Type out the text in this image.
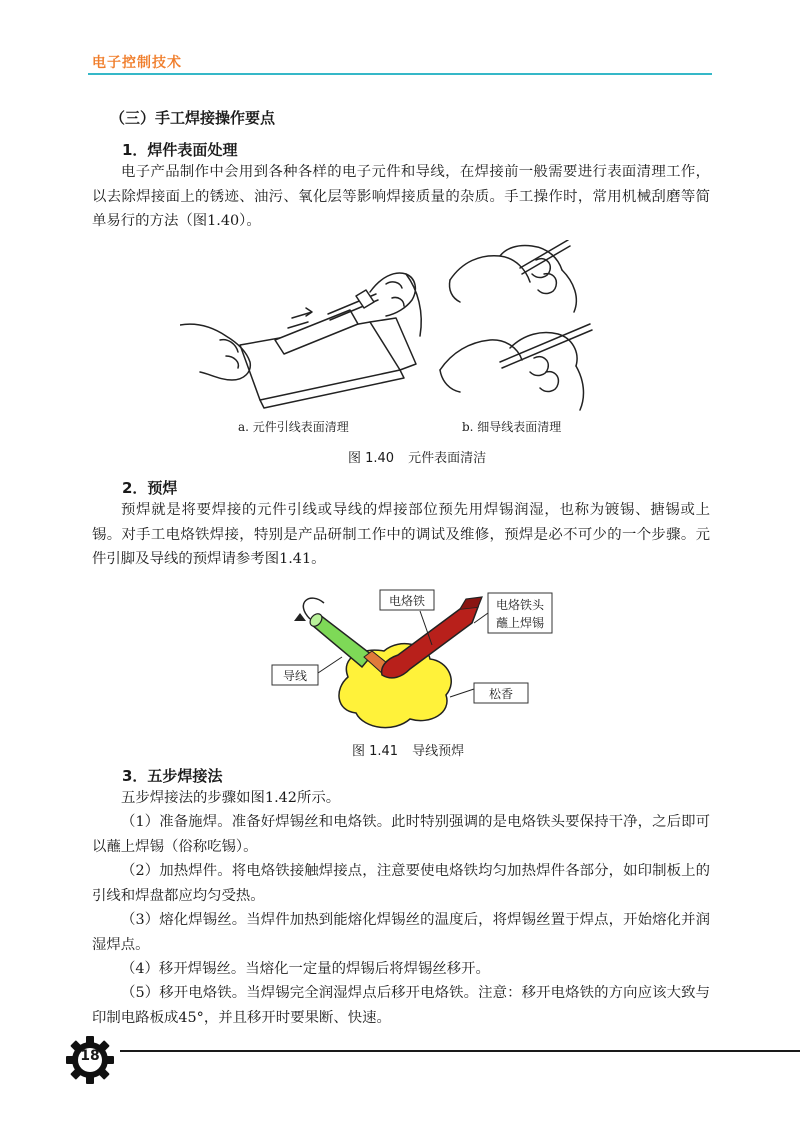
电子控制技术
（三）手工焊接操作要点
1．焊件表面处理

电子产品制作中会用到各种各样的电子元件和导线，在焊接前一般需要进行表面清理工作，以去除焊接面上的锈迹、油污、氧化层等影响焊接质量的杂质。手工操作时，常用机械刮磨等简单易行的方法（图1.40）。

a. 元件引线表面清理	b. 细导线表面清理
图 1.40 元件表面清洁
2．预焊

预焊就是将要焊接的元件引线或导线的焊接部位预先用焊锡润湿，也称为镀锡、搪锡或上锡。对手工电烙铁焊接，特别是产品研制工作中的调试及维修，预焊是必不可少的一个步骤。元件引脚及导线的预焊请参考图1.41。

电烙铁	电烙铁头
蘸上焊锡
导线
松香
图 1.41 导线预焊
3．五步焊接法

五步焊接法的步骤如图1.42所示。

（1）准备施焊。准备好焊锡丝和电烙铁。此时特别强调的是电烙铁头要保持干净，之后即可以蘸上焊锡（俗称吃锡）。

（2）加热焊件。将电烙铁接触焊接点，注意要使电烙铁均匀加热焊件各部分，如印制板上的引线和焊盘都应均匀受热。

（3）熔化焊锡丝。当焊件加热到能熔化焊锡丝的温度后，将焊锡丝置于焊点，开始熔化并润湿焊点。

（4）移开焊锡丝。当熔化一定量的焊锡后将焊锡丝移开。

（5）移开电烙铁。当焊锡完全润湿焊点后移开电烙铁。注意：移开电烙铁的方向应该大致与印制电路板成45°，并且移开时要果断、快速。

18
